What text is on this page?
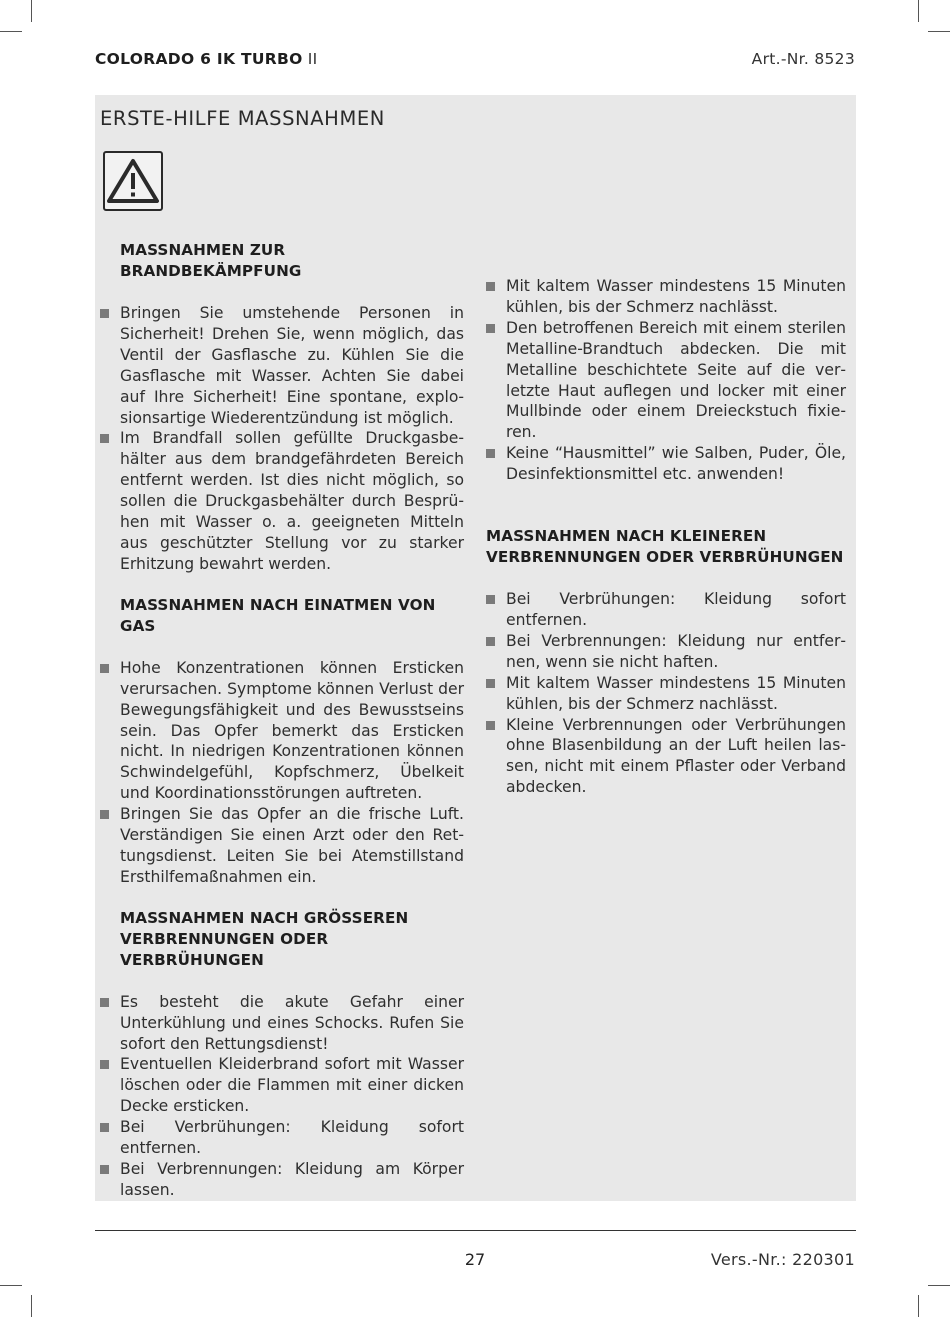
COLORADO 6 IK TURBO II	Art.-Nr. 8523
ERSTE-HILFE MASSNAHMEN
MASSNAHMEN ZUR BRANDBEKÄMPFUNG
Bringen Sie umstehende Personen in Sicherheit! Drehen Sie, wenn möglich, das Ventil der Gasflasche zu. Kühlen Sie die Gasflasche mit Wasser. Achten Sie dabei auf Ihre Sicherheit! Eine spontane, explosionsartige Wiederentzündung ist möglich.
Im Brandfall sollen gefüllte Druckgasbehälter aus dem brandgefährdeten Bereich entfernt werden. Ist dies nicht möglich, so sollen die Druckgasbehälter durch Besprühen mit Wasser o. a. geeigneten Mitteln aus geschützter Stellung vor zu starker Erhitzung bewahrt werden.
MASSNAHMEN NACH EINATMEN VON GAS
Hohe Konzentrationen können Ersticken verursachen. Symptome können Verlust der Bewegungsfähigkeit und des Bewusstseins sein. Das Opfer bemerkt das Ersticken nicht. In niedrigen Konzentrationen können Schwindelgefühl, Kopfschmerz, Übelkeit und Koordinationsstörungen auftreten.
Bringen Sie das Opfer an die frische Luft. Verständigen Sie einen Arzt oder den Rettungsdienst. Leiten Sie bei Atemstillstand Ersthilfemaßnahmen ein.
MASSNAHMEN NACH GRÖSSEREN
VERBRENNUNGEN ODER VERBRÜHUNGEN
Es besteht die akute Gefahr einer Unterkühlung und eines Schocks. Rufen Sie sofort den Rettungsdienst!
Eventuellen Kleiderbrand sofort mit Wasser löschen oder die Flammen mit einer dicken Decke ersticken.
Bei Verbrühungen: Kleidung sofort entfernen.
Bei Verbrennungen: Kleidung am Körper lassen.
Mit kaltem Wasser mindestens 15 Minuten kühlen, bis der Schmerz nachlässt.
Den betroffenen Bereich mit einem sterilen Metalline-Brandtuch abdecken. Die mit Metalline beschichtete Seite auf die verletzte Haut auflegen und locker mit einer Mullbinde oder einem Dreieckstuch fixieren.
Keine “Hausmittel” wie Salben, Puder, Öle, Desinfektionsmittel etc. anwenden!
MASSNAHMEN NACH KLEINEREN
VERBRENNUNGEN ODER VERBRÜHUNGEN
Bei Verbrühungen: Kleidung sofort entfernen.
Bei Verbrennungen: Kleidung nur entfernen, wenn sie nicht haften.
Mit kaltem Wasser mindestens 15 Minuten kühlen, bis der Schmerz nachlässt.
Kleine Verbrennungen oder Verbrühungen ohne Blasenbildung an der Luft heilen lassen, nicht mit einem Pflaster oder Verband abdecken.
27	Vers.-Nr.: 220301
